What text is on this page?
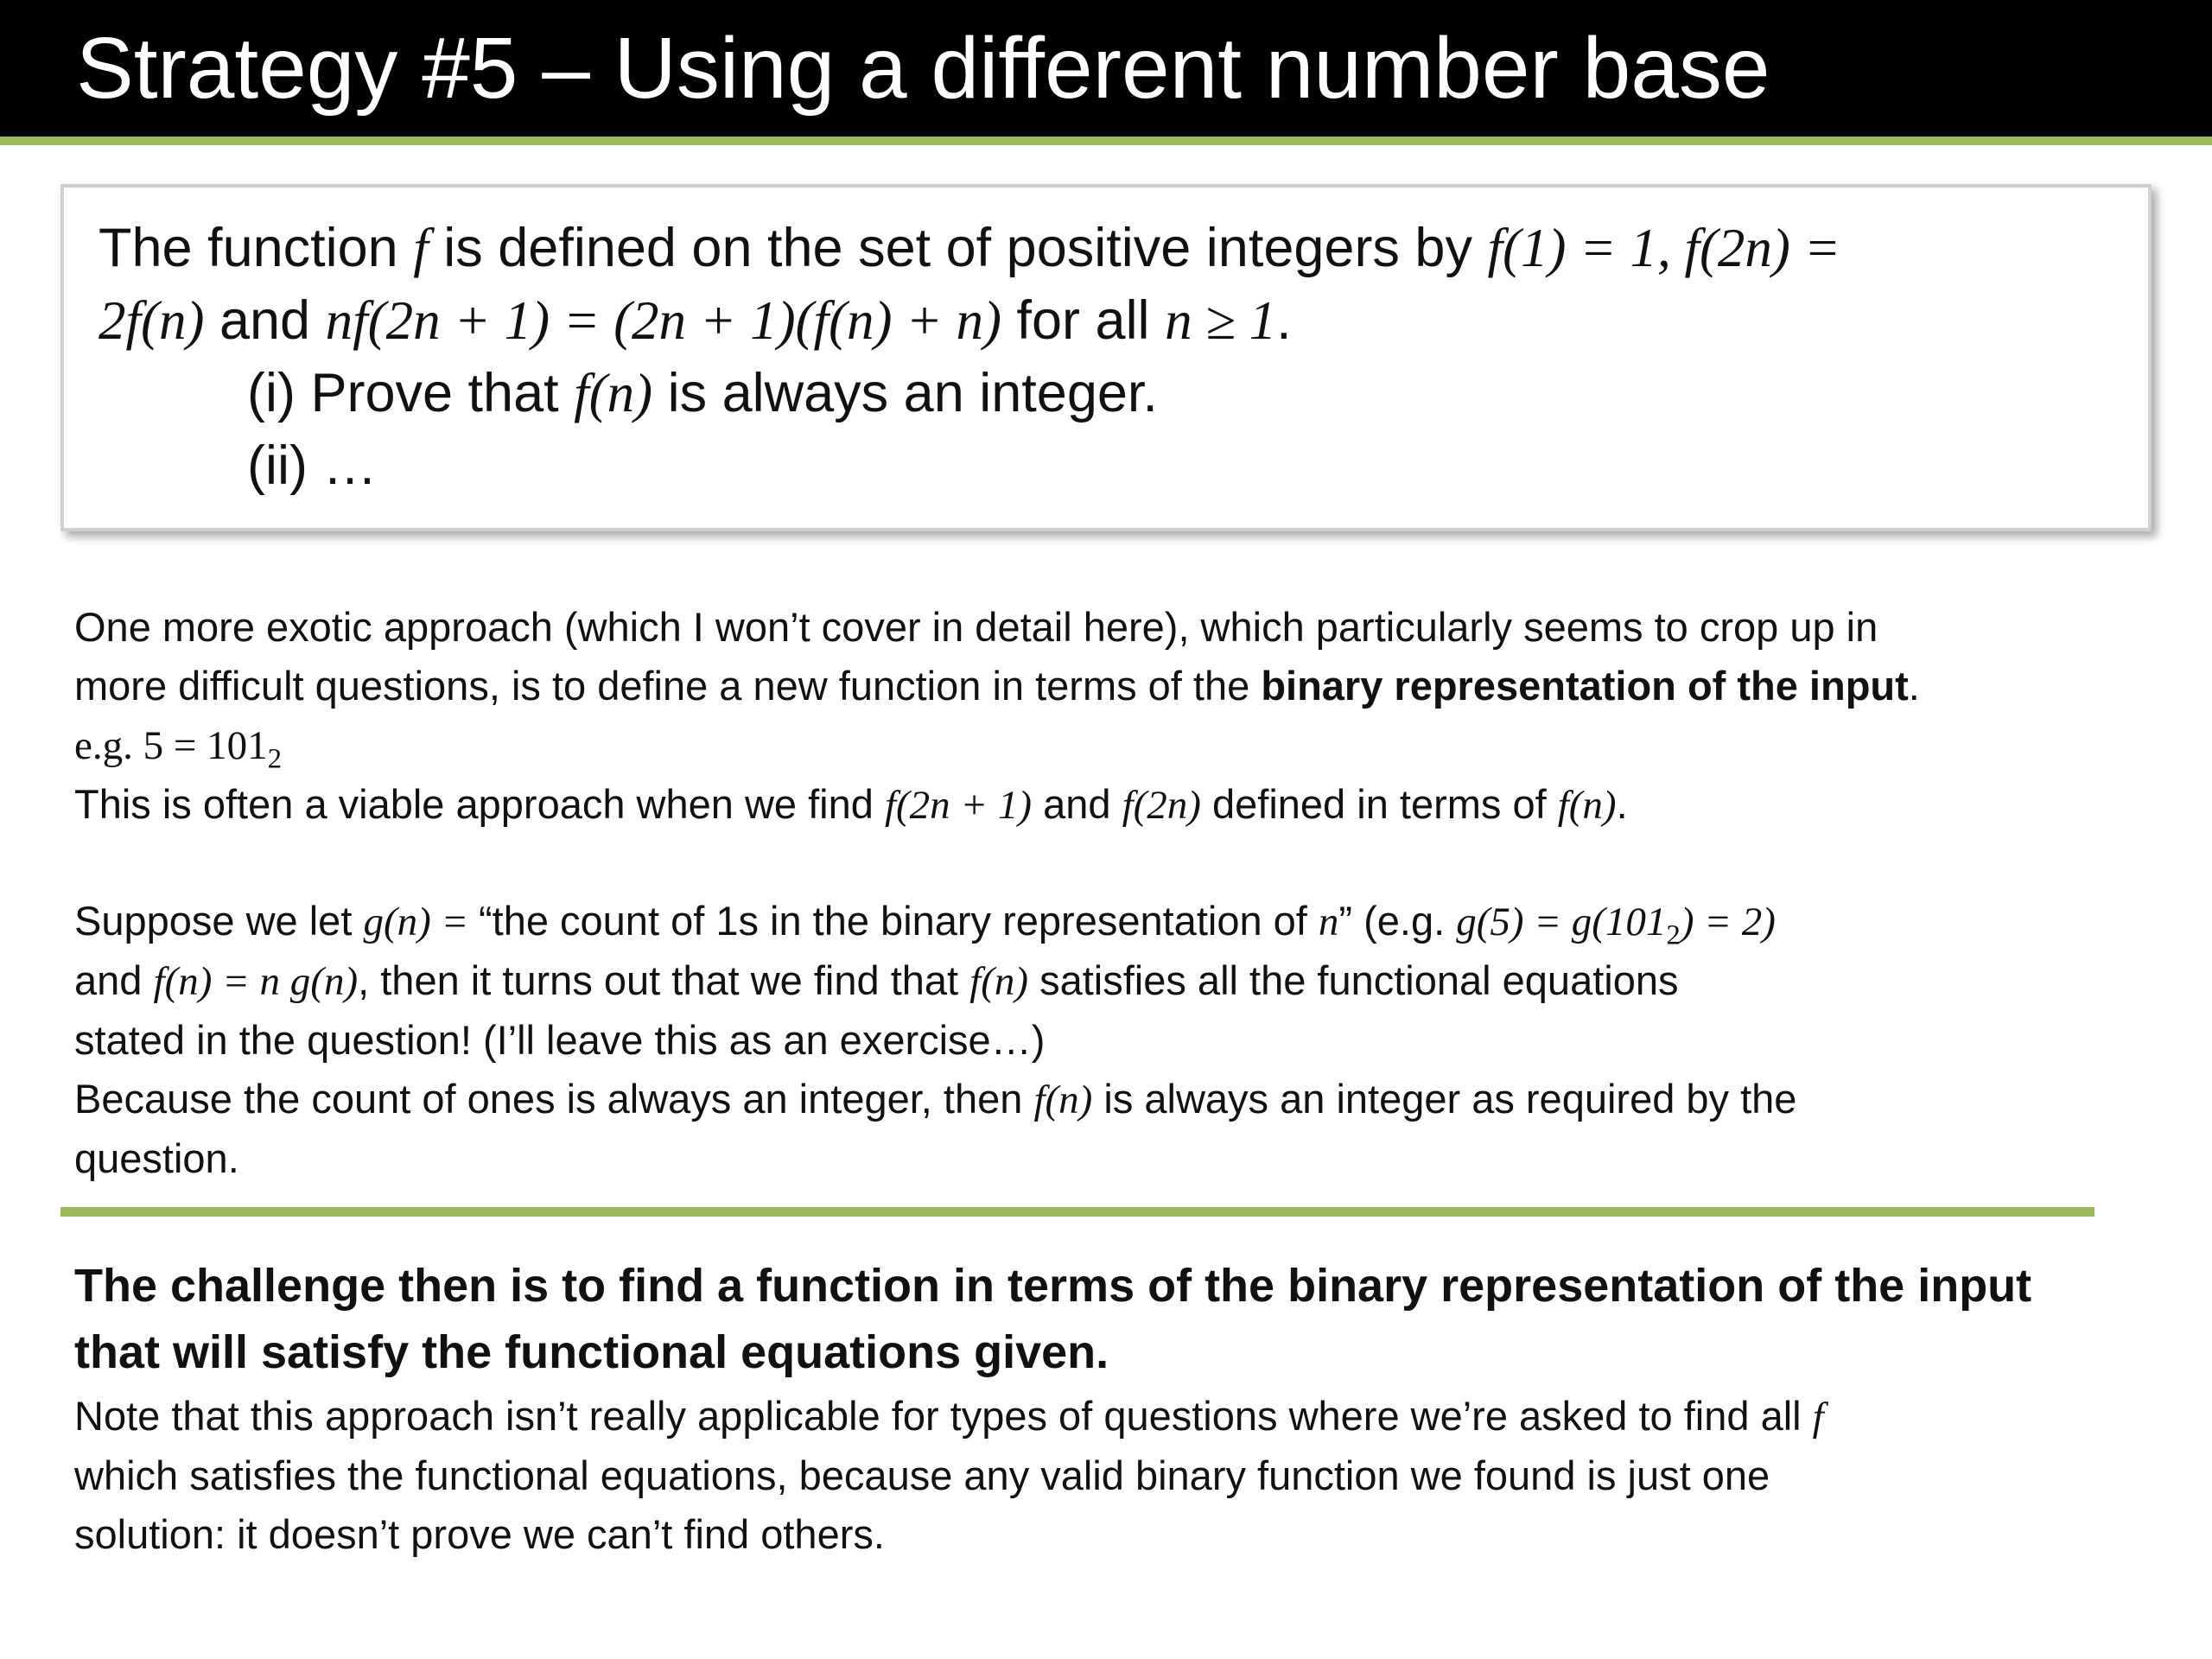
Strategy #5 – Using a different number base
The function f is defined on the set of positive integers by f(1) = 1, f(2n) =
2f(n) and nf(2n + 1) = (2n + 1)(f(n) + n) for all n ≥ 1.
(i) Prove that f(n) is always an integer.
(ii) …
One more exotic approach (which I won’t cover in detail here), which particularly seems to crop up in
more difficult questions, is to define a new function in terms of the binary representation of the input.
e.g. $5 = 101_2$
This is often a viable approach when we find f(2n + 1) and f(2n) defined in terms of f(n).
Suppose we let g(n) = “the count of 1s in the binary representation of n” (e.g. $g(5) = g(101_2) = 2$)
and f(n) = n g(n), then it turns out that we find that f(n) satisfies all the functional equations
stated in the question! (I’ll leave this as an exercise…)
Because the count of ones is always an integer, then f(n) is always an integer as required by the
question.
The challenge then is to find a function in terms of the binary representation of the input
that will satisfy the functional equations given.
Note that this approach isn’t really applicable for types of questions where we’re asked to find all f
which satisfies the functional equations, because any valid binary function we found is just one
solution: it doesn’t prove we can’t find others.
